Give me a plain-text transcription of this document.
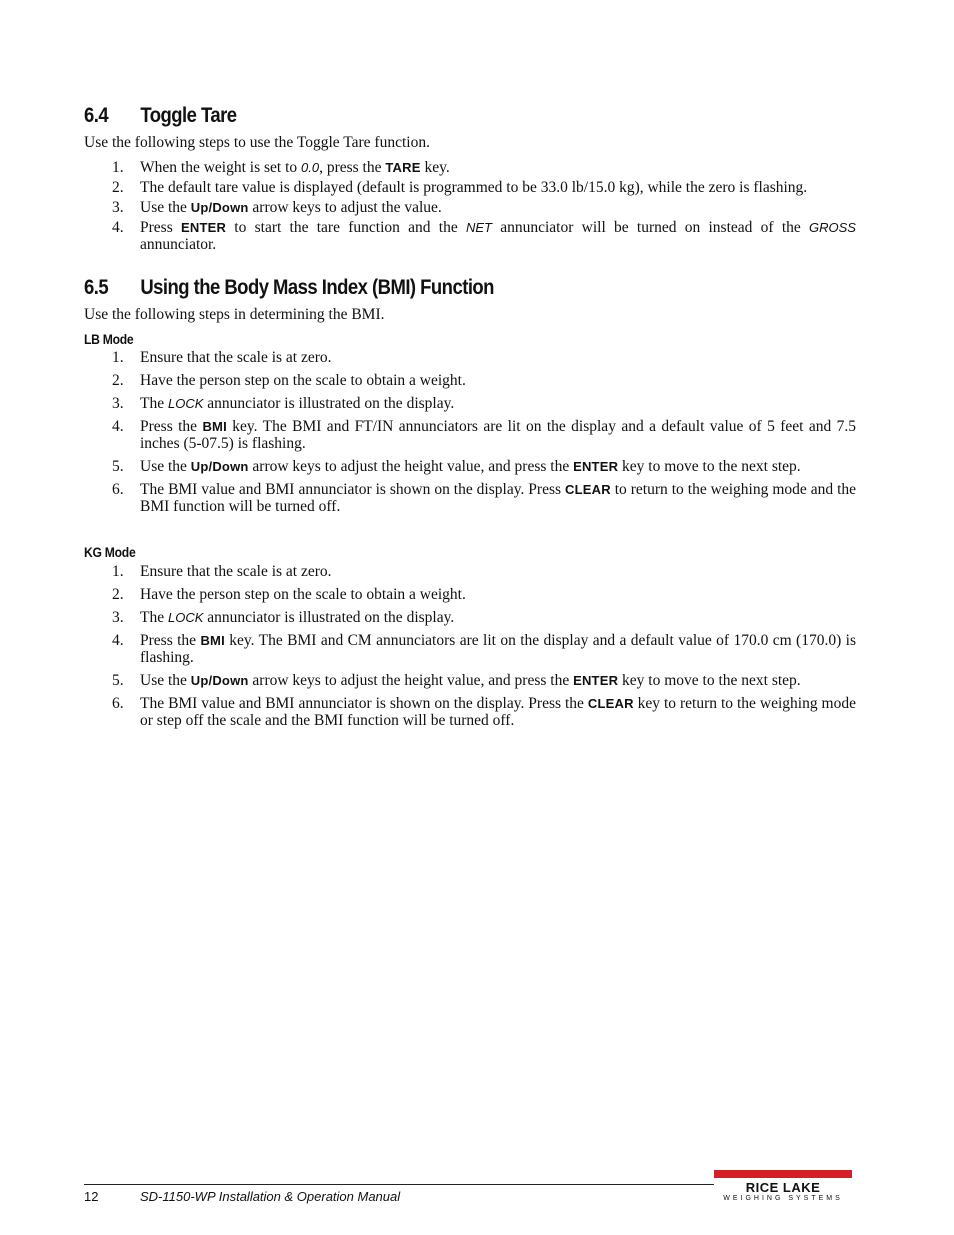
6.4 Toggle Tare

Use the following steps to use the Toggle Tare function.

1. When the weight is set to 0.0, press the TARE key.
2. The default tare value is displayed (default is programmed to be 33.0 lb/15.0 kg), while the zero is flashing.
3. Use the Up/Down arrow keys to adjust the value.
4. Press ENTER to start the tare function and the NET annunciator will be turned on instead of the GROSS annunciator.
6.5 Using the Body Mass Index (BMI) Function

Use the following steps in determining the BMI.

LB Mode
1. Ensure that the scale is at zero.
2. Have the person step on the scale to obtain a weight.
3. The LOCK annunciator is illustrated on the display.
4. Press the BMI key. The BMI and FT/IN annunciators are lit on the display and a default value of 5 feet and 7.5 inches (5-07.5) is flashing.
5. Use the Up/Down arrow keys to adjust the height value, and press the ENTER key to move to the next step.
6. The BMI value and BMI annunciator is shown on the display. Press CLEAR to return to the weighing mode and the BMI function will be turned off.
KG Mode
1. Ensure that the scale is at zero.
2. Have the person step on the scale to obtain a weight.
3. The LOCK annunciator is illustrated on the display.
4. Press the BMI key. The BMI and CM annunciators are lit on the display and a default value of 170.0 cm (170.0) is flashing.
5. Use the Up/Down arrow keys to adjust the height value, and press the ENTER key to move to the next step.
6. The BMI value and BMI annunciator is shown on the display. Press the CLEAR key to return to the weighing mode or step off the scale and the BMI function will be turned off.
12	SD-1150-WP Installation & Operation Manual
RICE LAKE
WEIGHING SYSTEMS
